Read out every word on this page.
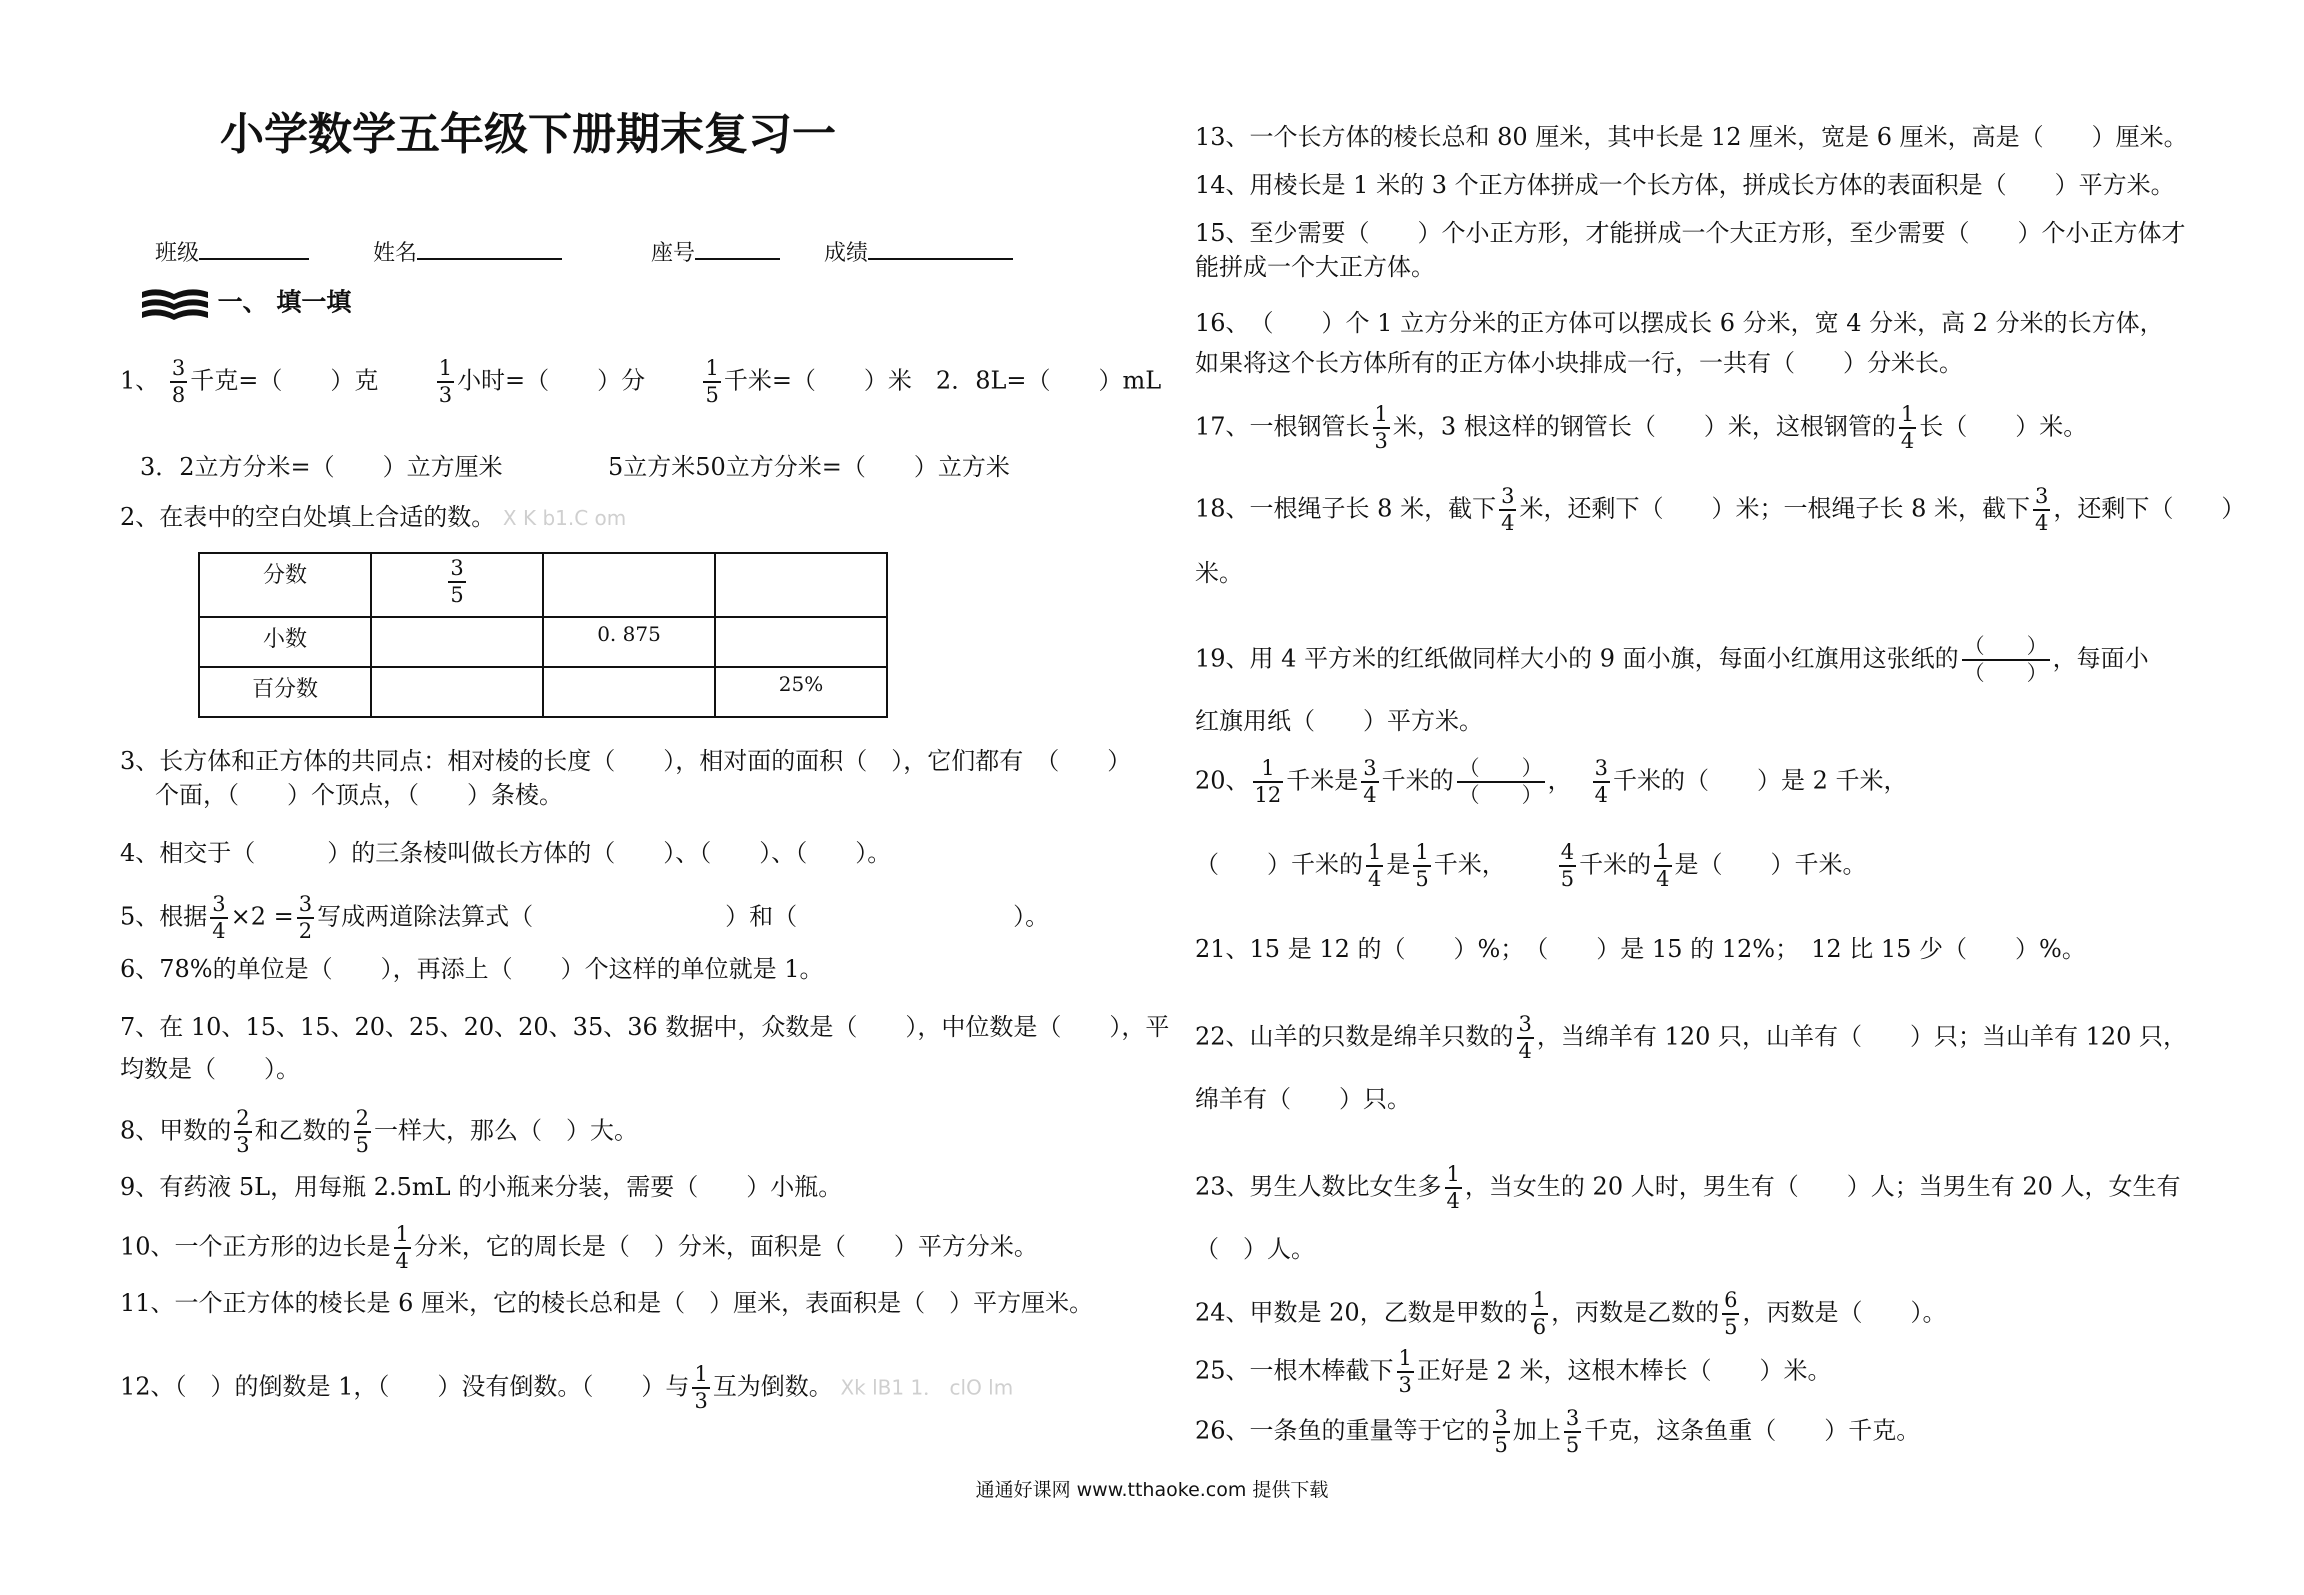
小学数学五年级下册期末复习一
班级	姓名	座号	成绩
一、 填一填
1、 $\frac{3}{8}$ 千克=（　　）克	$\frac{1}{3}$ 小时=（　　）分	$\frac{1}{5}$ 千米=（　　）米　2．8L=（　　）mL
3．2立方分米=（　　）立方厘米	5立方米50立方分米=（　　）立方米
2、在表中的空白处填上合适的数。 X K b1.C om
分数	$\frac{3}{5}$

小数		0. 875	
百分数			25%
3、长方体和正方体的共同点：相对棱的长度（　　），相对面的面积（　），它们都有　（　　）
个面，（　　）个顶点，（　　）条棱。
4、相交于（　　　）的三条棱叫做长方体的（　　）、（　　）、（　　）。
5、根据 $\frac{3}{4} \times 2 = \frac{3}{2}$ 写成两道除法算式（　　　　　　　　）和（　　　　　　　　　）。
6、78%的单位是（　　），再添上（　　）个这样的单位就是 1。
7、在 10、15、15、20、25、20、20、35、36 数据中，众数是（　　），中位数是（　　），平
均数是（　　）。
8、甲数的 $\frac{2}{3}$ 和乙数的 $\frac{2}{5}$ 一样大，那么（　）大。
9、有药液 5L，用每瓶 2.5mL 的小瓶来分装，需要（　　）小瓶。
10、一个正方形的边长是 $\frac{1}{4}$ 分米，它的周长是（　）分米，面积是（　　）平方分米。
11、一个正方体的棱长是 6 厘米，它的棱长总和是（　）厘米，表面积是（　）平方厘米。
12、（　）的倒数是 1，（　　）没有倒数。（　　）与 $\frac{1}{3}$ 互为倒数。 Xk lB1 1． clO lm
13、一个长方体的棱长总和 80 厘米，其中长是 12 厘米，宽是 6 厘米，高是（　　）厘米。
14、用棱长是 1 米的 3 个正方体拼成一个长方体，拼成长方体的表面积是（　　）平方米。
15、至少需要（　　）个小正方形，才能拼成一个大正方形，至少需要（　　）个小正方体才
能拼成一个大正方体。
16、　（　　）个 1 立方分米的正方体可以摆成长 6 分米，宽 4 分米，高 2 分米的长方体，
如果将这个长方体所有的正方体小块排成一行，一共有（　　）分米长。
17、一根钢管长 $\frac{1}{3}$ 米，3 根这样的钢管长（　　）米，这根钢管的 $\frac{1}{4}$ 长（　　）米。
18、一根绳子长 8 米，截下 $\frac{3}{4}$ 米，还剩下（　　）米；一根绳子长 8 米，截下 $\frac{3}{4}$ ，还剩下（　　）
米。
19、用 4 平方米的红纸做同样大小的 9 面小旗，每面小红旗用这张纸的 （　　）
（　　）
，每面小
红旗用纸（　　）平方米。
20、 $\frac{1}{12}$ 千米是 $\frac{3}{4}$ 千米的 （　　）
（　　）
， $\frac{3}{4}$ 千米的（　　）是 2 千米，
（　　）千米的 $\frac{1}{4}$ 是 $\frac{1}{5}$ 千米，	$\frac{4}{5}$ 千米的 $\frac{1}{4}$ 是（　　）千米。
21、15 是 12 的（　　）%；　（　　）是 15 的 12%；　12 比 15 少（　　）%。
22、山羊的只数是绵羊只数的 $\frac{3}{4}$ ，当绵羊有 120 只，山羊有（　　）只；当山羊有 120 只，
绵羊有（　　）只。
23、男生人数比女生多 $\frac{1}{4}$ ，当女生的 20 人时，男生有（　　）人；当男生有 20 人，女生有
（　）人。
24、甲数是 20，乙数是甲数的 $\frac{1}{6}$ ，丙数是乙数的 $\frac{6}{5}$ ，丙数是（　　）。
25、一根木棒截下 $\frac{1}{3}$ 正好是 2 米，这根木棒长（　　）米。
26、一条鱼的重量等于它的 $\frac{3}{5}$ 加上 $\frac{3}{5}$ 千克，这条鱼重（　　）千克。
通通好课网 www.tthaoke.com 提供下载
